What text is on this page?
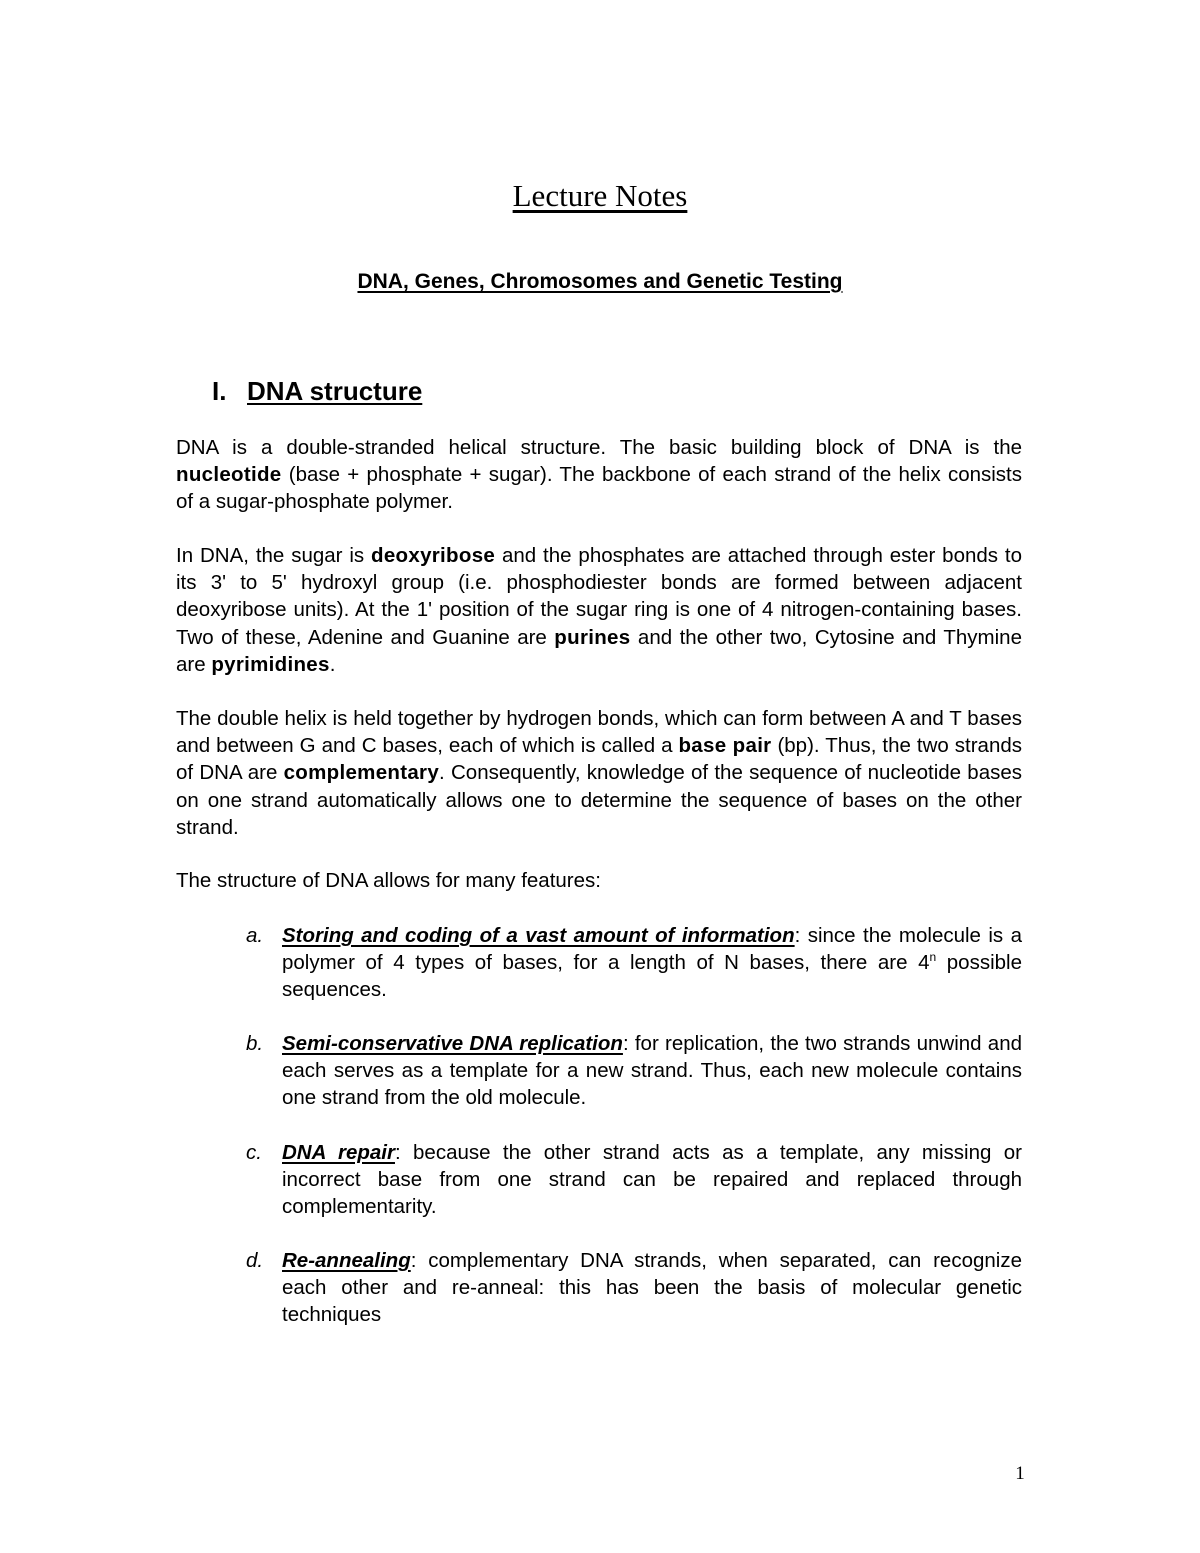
Lecture Notes
DNA, Genes, Chromosomes and Genetic Testing
I. DNA structure

DNA is a double-stranded helical structure. The basic building block of DNA is the nucleotide (base + phosphate + sugar). The backbone of each strand of the helix consists of a sugar-phosphate polymer.

In DNA, the sugar is deoxyribose and the phosphates are attached through ester bonds to its 3' to 5' hydroxyl group (i.e. phosphodiester bonds are formed between adjacent deoxyribose units). At the 1' position of the sugar ring is one of 4 nitrogen-containing bases. Two of these, Adenine and Guanine are purines and the other two, Cytosine and Thymine are pyrimidines.

The double helix is held together by hydrogen bonds, which can form between A and T bases and between G and C bases, each of which is called a base pair (bp). Thus, the two strands of DNA are complementary. Consequently, knowledge of the sequence of nucleotide bases on one strand automatically allows one to determine the sequence of bases on the other strand.

The structure of DNA allows for many features:

a. Storing and coding of a vast amount of information: since the molecule is a polymer of 4 types of bases, for a length of N bases, there are 4$^n$ possible sequences.
b. Semi-conservative DNA replication: for replication, the two strands unwind and each serves as a template for a new strand. Thus, each new molecule contains one strand from the old molecule.
c. DNA repair: because the other strand acts as a template, any missing or incorrect base from one strand can be repaired and replaced through complementarity.
d. Re-annealing: complementary DNA strands, when separated, can recognize each other and re-anneal: this has been the basis of molecular genetic techniques
1
